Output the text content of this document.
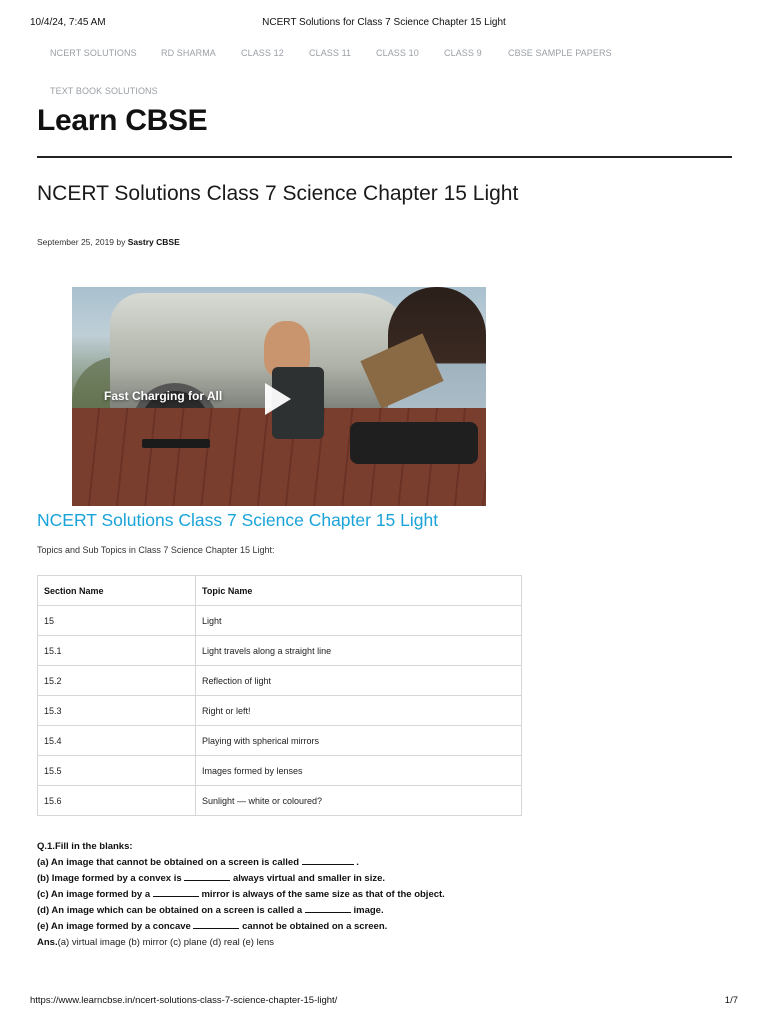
10/4/24, 7:45 AM	NCERT Solutions for Class 7 Science Chapter 15 Light
NCERT SOLUTIONS	RD SHARMA	CLASS 12	CLASS 11	CLASS 10	CLASS 9	CBSE SAMPLE PAPERS
TEXT BOOK SOLUTIONS
Learn CBSE
NCERT Solutions Class 7 Science Chapter 15 Light
September 25, 2019 by Sastry CBSE
Fast Charging for All
NCERT Solutions Class 7 Science Chapter 15 Light
Topics and Sub Topics in Class 7 Science Chapter 15 Light:
Section Name	Topic Name
15	Light
15.1	Light travels along a straight line
15.2	Reflection of light
15.3	Right or left!
15.4	Playing with spherical mirrors
15.5	Images formed by lenses
15.6	Sunlight — white or coloured?
Q.1.Fill in the blanks:
(a) An image that cannot be obtained on a screen is called	.
(b) Image formed by a convex is	always virtual and smaller in size.
(c) An image formed by a	mirror is always of the same size as that of the object.
(d) An image which can be obtained on a screen is called a	image.
(e) An image formed by a concave	cannot be obtained on a screen.
Ans.(a) virtual image (b) mirror (c) plane (d) real (e) lens
https://www.learncbse.in/ncert-solutions-class-7-science-chapter-15-light/	1/7
